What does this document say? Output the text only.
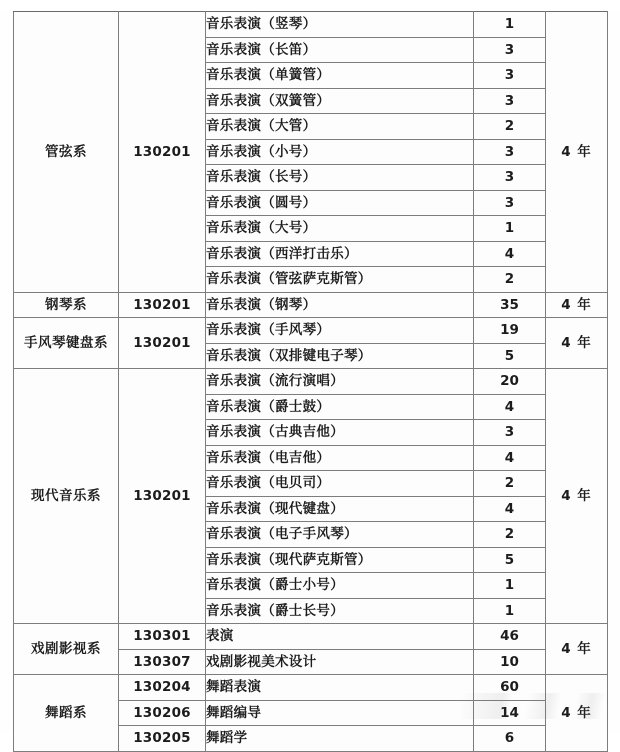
管弦系	130201	音乐表演（竖琴）	1	4 年
		音乐表演（长笛）	3	
		音乐表演（单簧管）	3	
		音乐表演（双簧管）	3	
		音乐表演（大管）	2	
		音乐表演（小号）	3	
		音乐表演（长号）	3	
		音乐表演（圆号）	3	
		音乐表演（大号）	1	
		音乐表演（西洋打击乐）	4	
		音乐表演（管弦萨克斯管）	2	
钢琴系	130201	音乐表演（钢琴）	35	4 年
手风琴键盘系	130201	音乐表演（手风琴）	19	4 年
		音乐表演（双排键电子琴）	5	
现代音乐系	130201	音乐表演（流行演唱）	20	4 年
		音乐表演（爵士鼓）	4	
		音乐表演（古典吉他）	3	
		音乐表演（电吉他）	4	
		音乐表演（电贝司）	2	
		音乐表演（现代键盘）	4	
		音乐表演（电子手风琴）	2	
		音乐表演（现代萨克斯管）	5	
		音乐表演（爵士小号）	1	
		音乐表演（爵士长号）	1	
戏剧影视系	130301	表演	46	4 年
	130307	戏剧影视美术设计	10	
舞蹈系	130204	舞蹈表演	60	4 年
	130206	舞蹈编导	14	
	130205	舞蹈学	6	
